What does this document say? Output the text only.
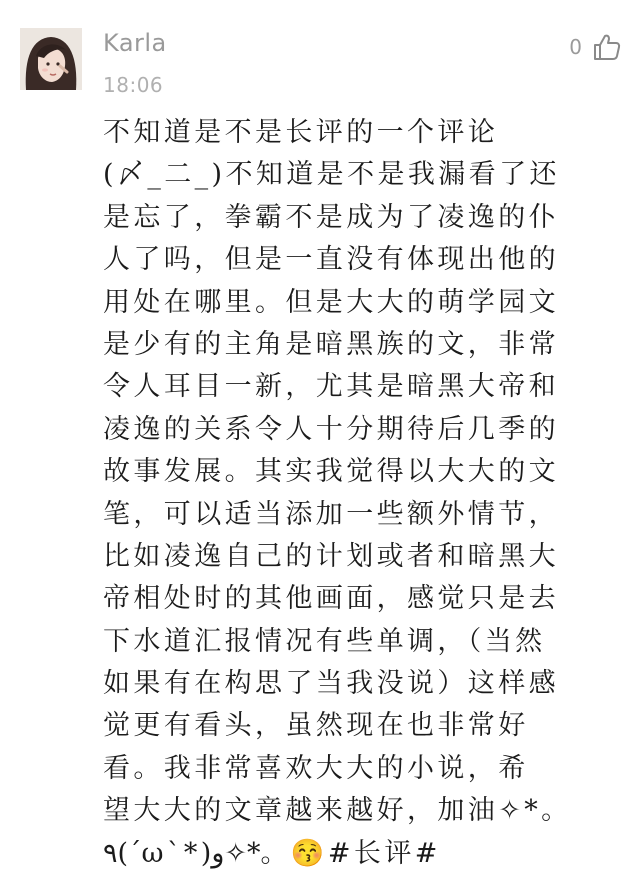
Karla
18:06
0
不知道是不是长评的一个评论
(〆_二_)不知道是不是我漏看了还
是忘了，拳霸不是成为了凌逸的仆
人了吗，但是一直没有体现出他的
用处在哪里。但是大大的萌学园文
是少有的主角是暗黑族的文，非常
令人耳目一新，尤其是暗黑大帝和
凌逸的关系令人十分期待后几季的
故事发展。其实我觉得以大大的文
笔，可以适当添加一些额外情节，
比如凌逸自己的计划或者和暗黑大
帝相处时的其他画面，感觉只是去
下水道汇报情况有些单调，（当然
如果有在构思了当我没说）这样感
觉更有看头，虽然现在也非常好
看。我非常喜欢大大的小说，希
望大大的文章越来越好，加油✧*。
٩(ˊωˋ*)و✧*。😚#长评#
